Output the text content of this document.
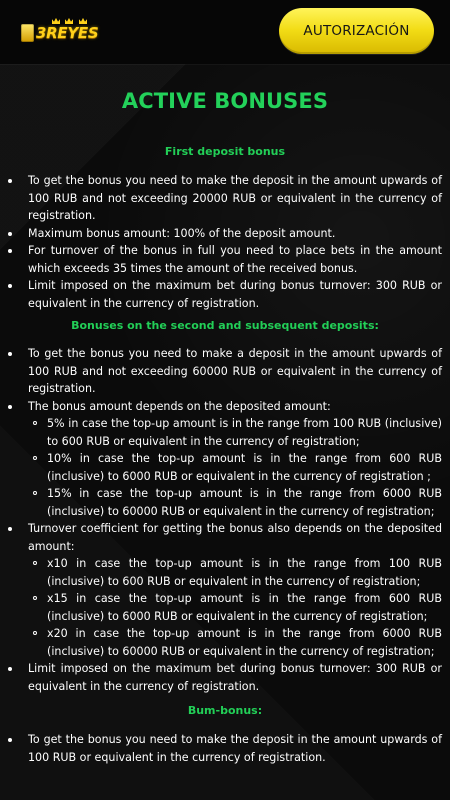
3REYES	AUTORIZACIÓN
ACTIVE BONUSES
First deposit bonus
To get the bonus you need to make the deposit in the amount upwards of 100 RUB and not exceeding 20000 RUB or equivalent in the currency of registration.
Maximum bonus amount: 100% of the deposit amount.
For turnover of the bonus in full you need to place bets in the amount which exceeds 35 times the amount of the received bonus.
Limit imposed on the maximum bet during bonus turnover: 300 RUB or equivalent in the currency of registration.
Bonuses on the second and subsequent deposits:
To get the bonus you need to make a deposit in the amount upwards of 100 RUB and not exceeding 60000 RUB or equivalent in the currency of registration.
The bonus amount depends on the deposited amount:
5% in case the top-up amount is in the range from 100 RUB (inclusive) to 600 RUB or equivalent in the currency of registration;
10% in case the top-up amount is in the range from 600 RUB (inclusive) to 6000 RUB or equivalent in the currency of registration ;
15% in case the top-up amount is in the range from 6000 RUB (inclusive) to 60000 RUB or equivalent in the currency of registration;
Turnover coefficient for getting the bonus also depends on the deposited amount:
x10 in case the top-up amount is in the range from 100 RUB (inclusive) to 600 RUB or equivalent in the currency of registration;
x15 in case the top-up amount is in the range from 600 RUB (inclusive) to 6000 RUB or equivalent in the currency of registration;
x20 in case the top-up amount is in the range from 6000 RUB (inclusive) to 60000 RUB or equivalent in the currency of registration;
Limit imposed on the maximum bet during bonus turnover: 300 RUB or equivalent in the currency of registration.
Bum-bonus:
To get the bonus you need to make the deposit in the amount upwards of 100 RUB or equivalent in the currency of registration.
